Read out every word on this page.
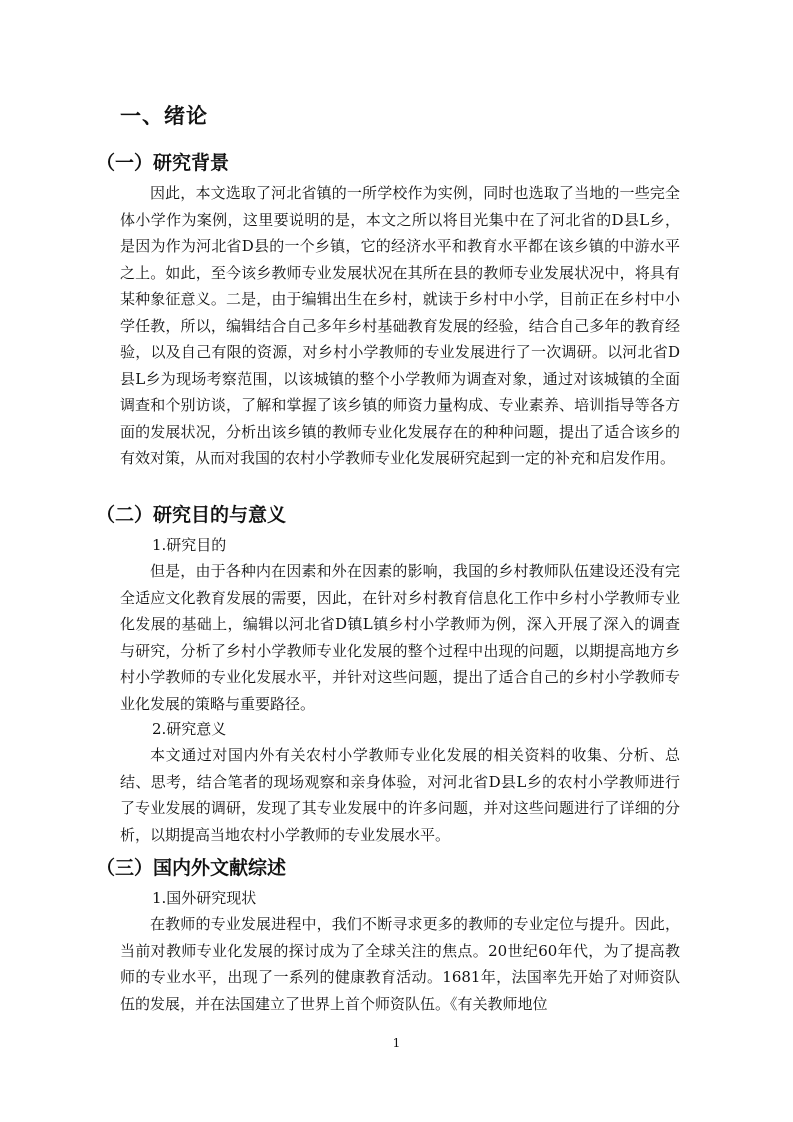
一、绪论
（一）研究背景

因此，本文选取了河北省镇的一所学校作为实例，同时也选取了当地的一些完全体小学作为案例，这里要说明的是，本文之所以将目光集中在了河北省的D县L乡，是因为作为河北省D县的一个乡镇，它的经济水平和教育水平都在该乡镇的中游水平之上。如此，至今该乡教师专业发展状况在其所在县的教师专业发展状况中，将具有某种象征意义。二是，由于编辑出生在乡村，就读于乡村中小学，目前正在乡村中小学任教，所以，编辑结合自己多年乡村基础教育发展的经验，结合自己多年的教育经验，以及自己有限的资源，对乡村小学教师的专业发展进行了一次调研。以河北省D县L乡为现场考察范围，以该城镇的整个小学教师为调查对象，通过对该城镇的全面调查和个别访谈，了解和掌握了该乡镇的师资力量构成、专业素养、培训指导等各方面的发展状况，分析出该乡镇的教师专业化发展存在的种种问题，提出了适合该乡的有效对策，从而对我国的农村小学教师专业化发展研究起到一定的补充和启发作用。

（二）研究目的与意义

1.研究目的

但是，由于各种内在因素和外在因素的影响，我国的乡村教师队伍建设还没有完全适应文化教育发展的需要，因此，在针对乡村教育信息化工作中乡村小学教师专业化发展的基础上，编辑以河北省D镇L镇乡村小学教师为例，深入开展了深入的调查与研究，分析了乡村小学教师专业化发展的整个过程中出现的问题，以期提高地方乡村小学教师的专业化发展水平，并针对这些问题，提出了适合自己的乡村小学教师专业化发展的策略与重要路径。

2.研究意义

本文通过对国内外有关农村小学教师专业化发展的相关资料的收集、分析、总结、思考，结合笔者的现场观察和亲身体验，对河北省D县L乡的农村小学教师进行了专业发展的调研，发现了其专业发展中的许多问题，并对这些问题进行了详细的分析，以期提高当地农村小学教师的专业发展水平。

（三）国内外文献综述

1.国外研究现状

在教师的专业发展进程中，我们不断寻求更多的教师的专业定位与提升。因此，当前对教师专业化发展的探讨成为了全球关注的焦点。20世纪60年代，为了提高教师的专业水平，出现了一系列的健康教育活动。1681年，法国率先开始了对师资队伍的发展，并在法国建立了世界上首个师资队伍。《有关教师地位

1
